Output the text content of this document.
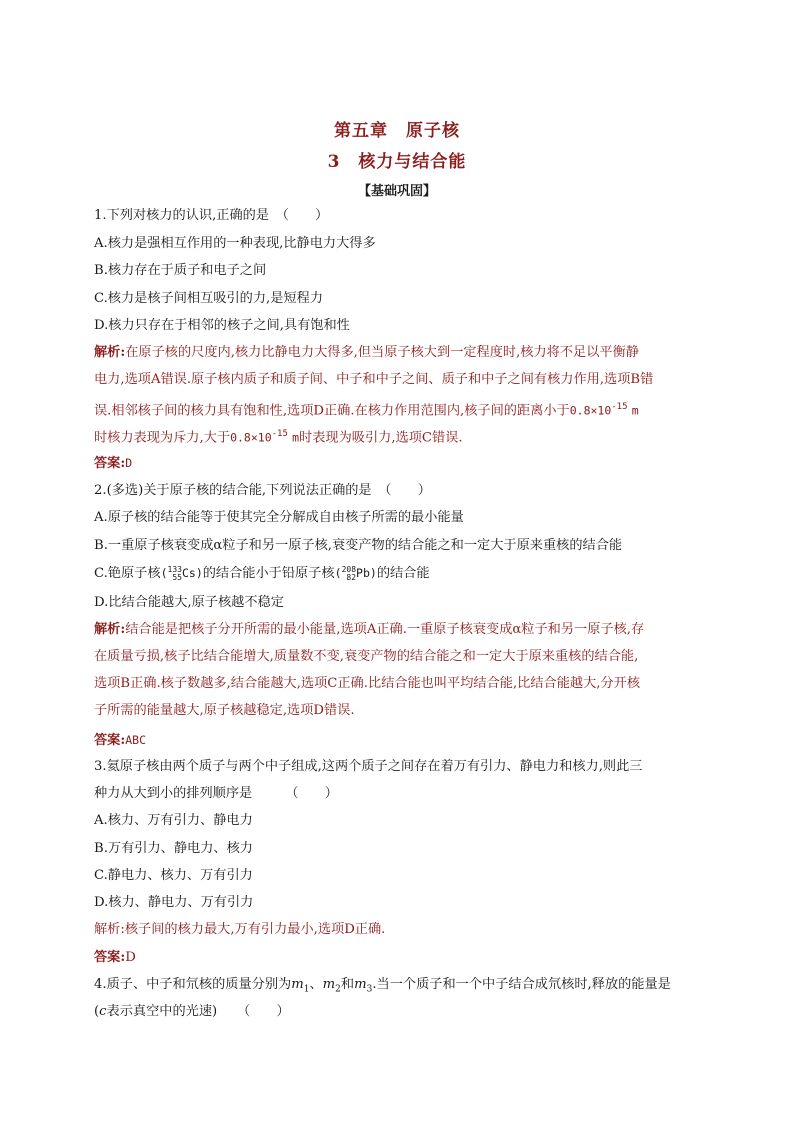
第五章　原子核
3　核力与结合能
【基础巩固】
1.下列对核力的认识,正确的是　（　　）
A.核力是强相互作用的一种表现,比静电力大得多
B.核力存在于质子和电子之间
C.核力是核子间相互吸引的力,是短程力
D.核力只存在于相邻的核子之间,具有饱和性
解析:在原子核的尺度内,核力比静电力大得多,但当原子核大到一定程度时,核力将不足以平衡静
电力,选项A错误.原子核内质子和质子间、中子和中子之间、质子和中子之间有核力作用,选项B错
误.相邻核子间的核力具有饱和性,选项D正确.在核力作用范围内,核子间的距离小于$0.8\times 10^{-15}$ m
时核力表现为斥力,大于$0.8\times 10^{-15}$ m时表现为吸引力,选项C错误.
答案:D
2.(多选)关于原子核的结合能,下列说法正确的是　（　　）
A.原子核的结合能等于使其完全分解成自由核子所需的最小能量
B.一重原子核衰变成α粒子和另一原子核,衰变产物的结合能之和一定大于原来重核的结合能
C.铯原子核( 133
55 Cs)的结合能小于铅原子核( 208
82 Pb)的结合能
D.比结合能越大,原子核越不稳定
解析:结合能是把核子分开所需的最小能量,选项A正确.一重原子核衰变成α粒子和另一原子核,存
在质量亏损,核子比结合能增大,质量数不变,衰变产物的结合能之和一定大于原来重核的结合能,
选项B正确.核子数越多,结合能越大,选项C正确.比结合能也叫平均结合能,比结合能越大,分开核
子所需的能量越大,原子核越稳定,选项D错误.
答案:ABC
3.氦原子核由两个质子与两个中子组成,这两个质子之间存在着万有引力、静电力和核力,则此三
种力从大到小的排列顺序是　　　（　　）
A.核力、万有引力、静电力
B.万有引力、静电力、核力
C.静电力、核力、万有引力
D.核力、静电力、万有引力
解析:核子间的核力最大,万有引力最小,选项D正确.
答案:D
4.质子、中子和氘核的质量分别为$m_1$、$m_2$和$m_3$.当一个质子和一个中子结合成氘核时,释放的能量是
(c表示真空中的光速)　　（　　）
